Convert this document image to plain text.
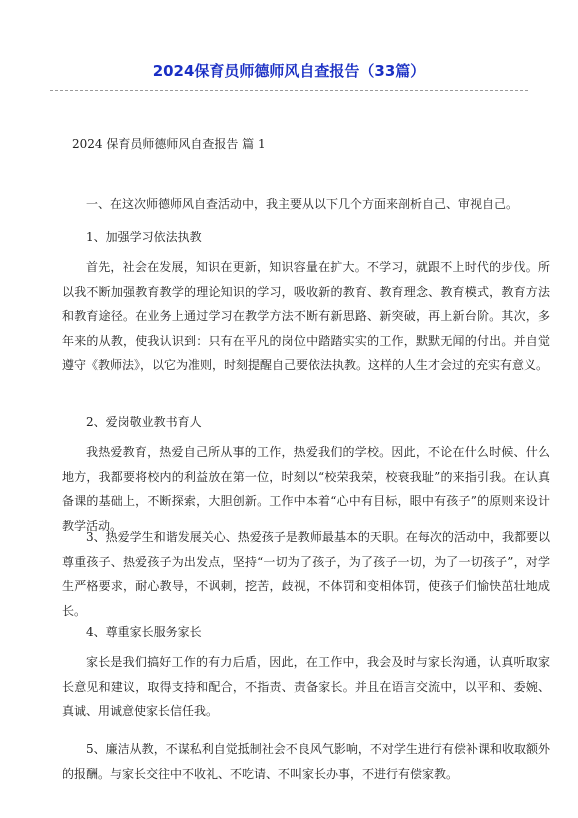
2024保育员师德师风自查报告（33篇）
2024 保育员师德师风自查报告 篇 1

一、在这次师德师风自查活动中，我主要从以下几个方面来剖析自己、审视自己。

1、加强学习依法执教

首先，社会在发展，知识在更新，知识容量在扩大。不学习，就跟不上时代的步伐。所以我不断加强教育教学的理论知识的学习，吸收新的教育、教育理念、教育模式，教育方法和教育途径。在业务上通过学习在教学方法不断有新思路、新突破，再上新台阶。其次，多年来的从教，使我认识到：只有在平凡的岗位中踏踏实实的工作，默默无闻的付出。并自觉遵守《教师法》，以它为准则，时刻提醒自己要依法执教。这样的人生才会过的充实有意义。

2、爱岗敬业教书育人

我热爱教育，热爱自己所从事的工作，热爱我们的学校。因此，不论在什么时候、什么地方，我都要将校内的利益放在第一位，时刻以“校荣我荣，校衰我耻”的来指引我。在认真备课的基础上，不断探索，大胆创新。工作中本着“心中有目标，眼中有孩子”的原则来设计教学活动。

3、热爱学生和谐发展关心、热爱孩子是教师最基本的天职。在每次的活动中，我都要以尊重孩子、热爱孩子为出发点，坚持“一切为了孩子，为了孩子一切，为了一切孩子”，对学生严格要求，耐心教导，不讽刺，挖苦，歧视，不体罚和变相体罚，使孩子们愉快茁壮地成长。

4、尊重家长服务家长

家长是我们搞好工作的有力后盾，因此，在工作中，我会及时与家长沟通，认真听取家长意见和建议，取得支持和配合，不指责、责备家长。并且在语言交流中，以平和、委婉、真诚、用诚意使家长信任我。

5、廉洁从教，不谋私利自觉抵制社会不良风气影响，不对学生进行有偿补课和收取额外的报酬。与家长交往中不收礼、不吃请、不叫家长办事，不进行有偿家教。
